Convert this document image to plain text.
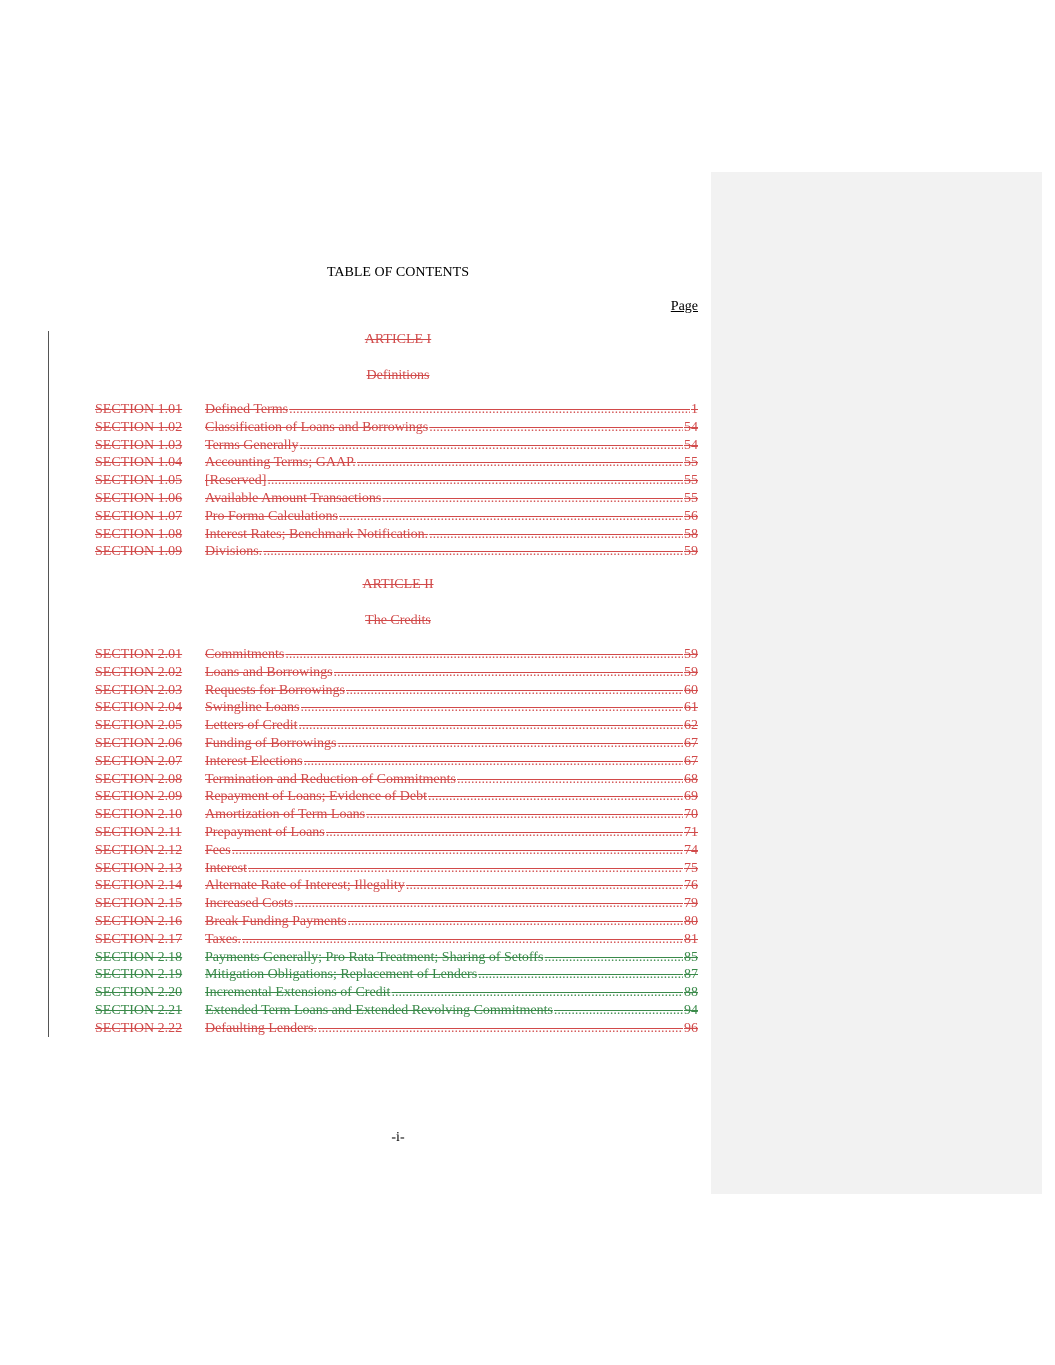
TABLE OF CONTENTS
Page
ARTICLE I
Definitions
SECTION 1.01	Defined Terms .....	1
SECTION 1.02	Classification of Loans and Borrowings .....	54
SECTION 1.03	Terms Generally .....	54
SECTION 1.04	Accounting Terms; GAAP. .....	55
SECTION 1.05	[Reserved] .....	55
SECTION 1.06	Available Amount Transactions .....	55
SECTION 1.07	Pro Forma Calculations .....	56
SECTION 1.08	Interest Rates; Benchmark Notification. .....	58
SECTION 1.09	Divisions. .....	59
ARTICLE II
The Credits
SECTION 2.01	Commitments .....	59
SECTION 2.02	Loans and Borrowings .....	59
SECTION 2.03	Requests for Borrowings .....	60
SECTION 2.04	Swingline Loans .....	61
SECTION 2.05	Letters of Credit .....	62
SECTION 2.06	Funding of Borrowings .....	67
SECTION 2.07	Interest Elections .....	67
SECTION 2.08	Termination and Reduction of Commitments .....	68
SECTION 2.09	Repayment of Loans; Evidence of Debt .....	69
SECTION 2.10	Amortization of Term Loans .....	70
SECTION 2.11	Prepayment of Loans .....	71
SECTION 2.12	Fees .....	74
SECTION 2.13	Interest .....	75
SECTION 2.14	Alternate Rate of Interest; Illegality .....	76
SECTION 2.15	Increased Costs .....	79
SECTION 2.16	Break Funding Payments .....	80
SECTION 2.17	Taxes. .....	81
SECTION 2.18	Payments Generally; Pro Rata Treatment; Sharing of Setoffs .....	85
SECTION 2.19	Mitigation Obligations; Replacement of Lenders .....	87
SECTION 2.20	Incremental Extensions of Credit .....	88
SECTION 2.21	Extended Term Loans and Extended Revolving Commitments .....	94
SECTION 2.22	Defaulting Lenders. .....	96
-i-
